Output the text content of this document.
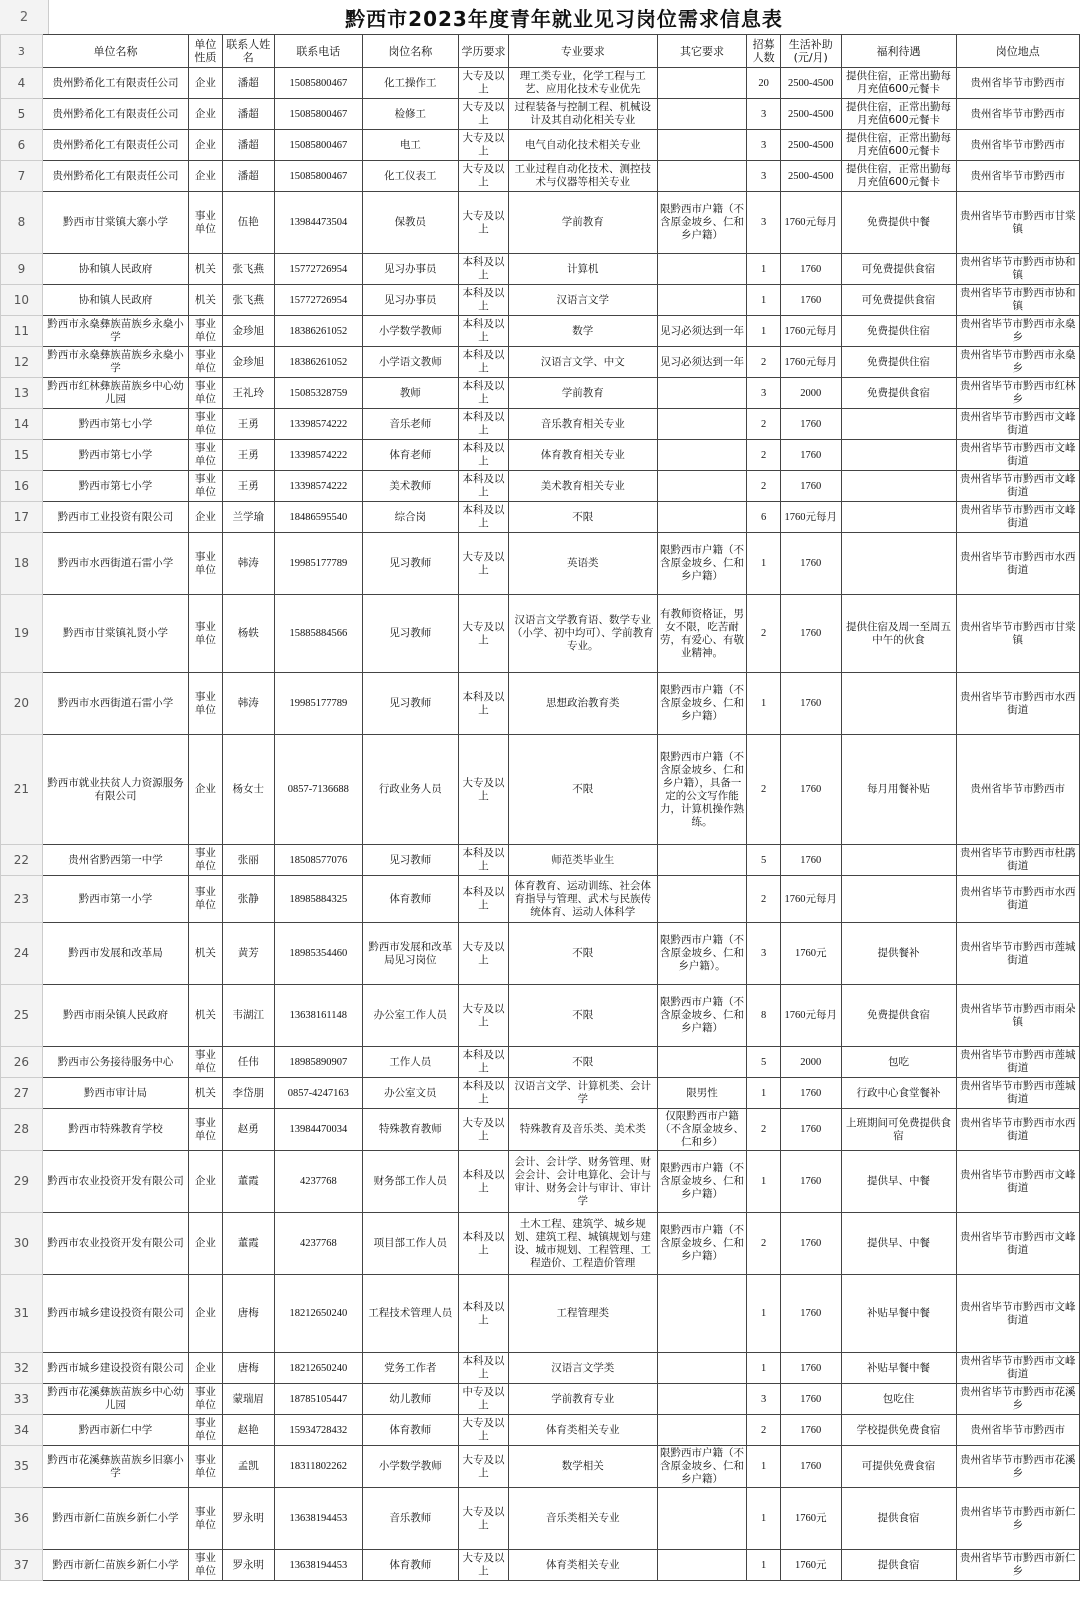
2	黔西市2023年度青年就业见习岗位需求信息表
3	单位名称	单位性质	联系人姓名	联系电话	岗位名称	学历要求	专业要求	其它要求	招募人数	生活补助(元/月)	福利待遇	岗位地点
4	贵州黔希化工有限责任公司	企业	潘超	15085800467	化工操作工	大专及以上	理工类专业，化学工程与工艺、应用化技术专业优先		20	2500-4500	提供住宿，正常出勤每月充值600元餐卡	贵州省毕节市黔西市
5	贵州黔希化工有限责任公司	企业	潘超	15085800467	检修工	大专及以上	过程装备与控制工程、机械设计及其自动化相关专业		3	2500-4500	提供住宿，正常出勤每月充值600元餐卡	贵州省毕节市黔西市
6	贵州黔希化工有限责任公司	企业	潘超	15085800467	电工	大专及以上	电气自动化技术相关专业		3	2500-4500	提供住宿，正常出勤每月充值600元餐卡	贵州省毕节市黔西市
7	贵州黔希化工有限责任公司	企业	潘超	15085800467	化工仪表工	大专及以上	工业过程自动化技术、测控技术与仪器等相关专业		3	2500-4500	提供住宿，正常出勤每月充值600元餐卡	贵州省毕节市黔西市
8	黔西市甘棠镇大寨小学	事业单位	伍艳	13984473504	保教员	大专及以上	学前教育	限黔西市户籍（不含原金坡乡、仁和乡户籍）	3	1760元每月	免费提供中餐	贵州省毕节市黔西市甘棠镇
9	协和镇人民政府	机关	张飞燕	15772726954	见习办事员	本科及以上	计算机		1	1760	可免费提供食宿	贵州省毕节市黔西市协和镇
10	协和镇人民政府	机关	张飞燕	15772726954	见习办事员	本科及以上	汉语言文学		1	1760	可免费提供食宿	贵州省毕节市黔西市协和镇
11	黔西市永燊彝族苗族乡永燊小学	事业单位	金珍旭	18386261052	小学数学教师	本科及以上	数学	见习必须达到一年	1	1760元每月	免费提供住宿	贵州省毕节市黔西市永燊乡
12	黔西市永燊彝族苗族乡永燊小学	事业单位	金珍旭	18386261052	小学语文教师	本科及以上	汉语言文学、中文	见习必须达到一年	2	1760元每月	免费提供住宿	贵州省毕节市黔西市永燊乡
13	黔西市红林彝族苗族乡中心幼儿园	事业单位	王礼玲	15085328759	教师	本科及以上	学前教育		3	2000	免费提供食宿	贵州省毕节市黔西市红林乡
14	黔西市第七小学	事业单位	王勇	13398574222	音乐老师	本科及以上	音乐教育相关专业		2	1760		贵州省毕节市黔西市文峰街道
15	黔西市第七小学	事业单位	王勇	13398574222	体育老师	本科及以上	体育教育相关专业		2	1760		贵州省毕节市黔西市文峰街道
16	黔西市第七小学	事业单位	王勇	13398574222	美术教师	本科及以上	美术教育相关专业		2	1760		贵州省毕节市黔西市文峰街道
17	黔西市工业投资有限公司	企业	兰学瑜	18486595540	综合岗	本科及以上	不限		6	1760元每月		贵州省毕节市黔西市文峰街道
18	黔西市水西街道石雷小学	事业单位	韩涛	19985177789	见习教师	大专及以上	英语类	限黔西市户籍（不含原金坡乡、仁和乡户籍）	1	1760		贵州省毕节市黔西市水西街道
19	黔西市甘棠镇礼贤小学	事业单位	杨轶	15885884566	见习教师	大专及以上	汉语言文学教育语、数学专业（小学、初中均可）、学前教育专业。	有教师资格证，男女不限，吃苦耐劳，有爱心、有敬业精神。	2	1760	提供住宿及周一至周五中午的伙食	贵州省毕节市黔西市甘棠镇
20	黔西市水西街道石雷小学	事业单位	韩涛	19985177789	见习教师	本科及以上	思想政治教育类	限黔西市户籍（不含原金坡乡、仁和乡户籍）	1	1760		贵州省毕节市黔西市水西街道
21	黔西市就业扶贫人力资源服务有限公司	企业	杨女士	0857-7136688	行政业务人员	大专及以上	不限	限黔西市户籍（不含原金坡乡、仁和乡户籍），具备一定的公文写作能力，计算机操作熟练。	2	1760	每月用餐补贴	贵州省毕节市黔西市
22	贵州省黔西第一中学	事业单位	张丽	18508577076	见习教师	本科及以上	师范类毕业生		5	1760		贵州省毕节市黔西市杜鹃街道
23	黔西市第一小学	事业单位	张静	18985884325	体育教师	本科及以上	体育教育、运动训练、社会体育指导与管理、武术与民族传统体育、运动人体科学		2	1760元每月		贵州省毕节市黔西市水西街道
24	黔西市发展和改革局	机关	黄芳	18985354460	黔西市发展和改革局见习岗位	大专及以上	不限	限黔西市户籍（不含原金坡乡、仁和乡户籍）。	3	1760元	提供餐补	贵州省毕节市黔西市莲城街道
25	黔西市雨朵镇人民政府	机关	韦湖江	13638161148	办公室工作人员	大专及以上	不限	限黔西市户籍（不含原金坡乡、仁和乡户籍）	8	1760元每月	免费提供食宿	贵州省毕节市黔西市雨朵镇
26	黔西市公务接待服务中心	事业单位	任伟	18985890907	工作人员	本科及以上	不限		5	2000	包吃	贵州省毕节市黔西市莲城街道
27	黔西市审计局	机关	李岱朋	0857-4247163	办公室文员	本科及以上	汉语言文学、计算机类、会计学	限男性	1	1760	行政中心食堂餐补	贵州省毕节市黔西市莲城街道
28	黔西市特殊教育学校	事业单位	赵勇	13984470034	特殊教育教师	大专及以上	特殊教育及音乐类、美术类	仅限黔西市户籍（不含原金坡乡、仁和乡）	2	1760	上班期间可免费提供食宿	贵州省毕节市黔西市水西街道
29	黔西市农业投资开发有限公司	企业	董霞	4237768	财务部工作人员	本科及以上	会计、会计学、财务管理、财会会计、会计电算化、会计与审计、财务会计与审计、审计学	限黔西市户籍（不含原金坡乡、仁和乡户籍）	1	1760	提供早、中餐	贵州省毕节市黔西市文峰街道
30	黔西市农业投资开发有限公司	企业	董霞	4237768	项目部工作人员	本科及以上	土木工程、建筑学、城乡规划、建筑工程、城镇规划与建设、城市规划、工程管理、工程造价、工程造价管理	限黔西市户籍（不含原金坡乡、仁和乡户籍）	2	1760	提供早、中餐	贵州省毕节市黔西市文峰街道
31	黔西市城乡建设投资有限公司	企业	唐梅	18212650240	工程技术管理人员	本科及以上	工程管理类		1	1760	补贴早餐中餐	贵州省毕节市黔西市文峰街道
32	黔西市城乡建设投资有限公司	企业	唐梅	18212650240	党务工作者	本科及以上	汉语言文学类		1	1760	补贴早餐中餐	贵州省毕节市黔西市文峰街道
33	黔西市花溪彝族苗族乡中心幼儿园	事业单位	蒙瑞眉	18785105447	幼儿教师	中专及以上	学前教育专业		3	1760	包吃住	贵州省毕节市黔西市花溪乡
34	黔西市新仁中学	事业单位	赵艳	15934728432	体育教师	大专及以上	体育类相关专业		2	1760	学校提供免费食宿	贵州省毕节市黔西市
35	黔西市花溪彝族苗族乡旧寨小学	事业单位	孟凯	18311802262	小学数学教师	大专及以上	数学相关	限黔西市户籍（不含原金坡乡、仁和乡户籍）	1	1760	可提供免费食宿	贵州省毕节市黔西市花溪乡
36	黔西市新仁苗族乡新仁小学	事业单位	罗永明	13638194453	音乐教师	大专及以上	音乐类相关专业		1	1760元	提供食宿	贵州省毕节市黔西市新仁乡
37	黔西市新仁苗族乡新仁小学	事业单位	罗永明	13638194453	体育教师	大专及以上	体育类相关专业		1	1760元	提供食宿	贵州省毕节市黔西市新仁乡
